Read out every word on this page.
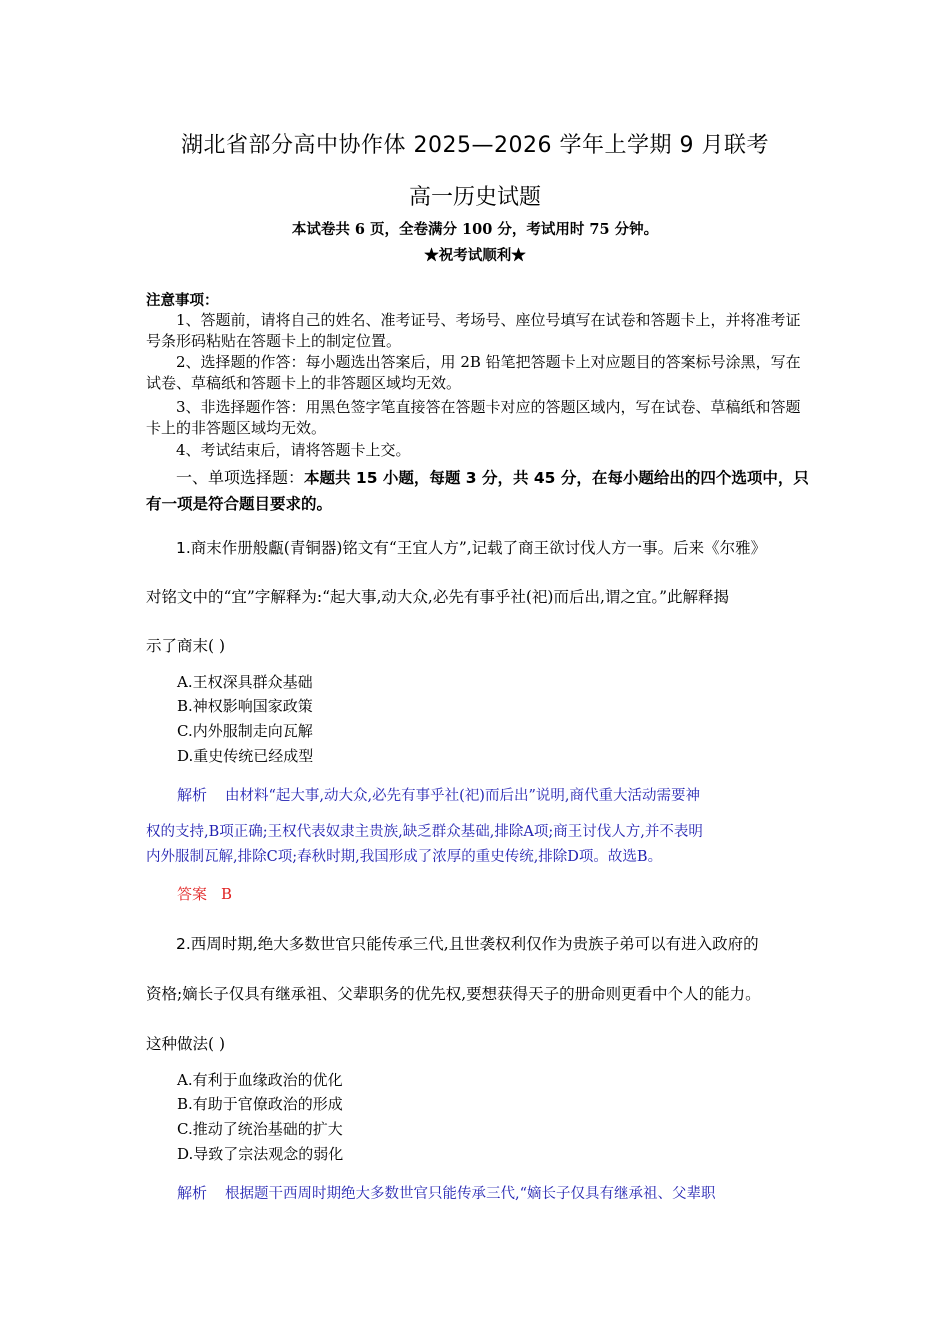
湖北省部分高中协作体 2025—2026 学年上学期 9 月联考
高一历史试题
本试卷共 6 页，全卷满分 100 分，考试用时 75 分钟。
★祝考试顺利★
注意事项：
1、答题前，请将自己的姓名、准考证号、考场号、座位号填写在试卷和答题卡上，并将准考证号条形码粘贴在答题卡上的制定位置。
2、选择题的作答：每小题选出答案后，用 2B 铅笔把答题卡上对应题目的答案标号涂黑，写在试卷、草稿纸和答题卡上的非答题区域均无效。
3、非选择题作答：用黑色签字笔直接答在答题卡对应的答题区域内，写在试卷、草稿纸和答题卡上的非答题区域均无效。
4、考试结束后，请将答题卡上交。
一、单项选择题：本题共 15 小题，每题 3 分，共 45 分，在每小题给出的四个选项中，只有一项是符合题目要求的。
1.商末作册般甗(青铜器)铭文有“王宜人方”,记载了商王欲讨伐人方一事。后来《尔雅》
对铭文中的“宜”字解释为:“起大事,动大众,必先有事乎社(祀)而后出,谓之宜。”此解释揭
示了商末( )
A.王权深具群众基础
B.神权影响国家政策
C.内外服制走向瓦解
D.重史传统已经成型
解析 由材料“起大事,动大众,必先有事乎社(祀)而后出”说明,商代重大活动需要神
权的支持,B项正确;王权代表奴隶主贵族,缺乏群众基础,排除A项;商王讨伐人方,并不表明
内外服制瓦解,排除C项;春秋时期,我国形成了浓厚的重史传统,排除D项。故选B。
答案 B
2.西周时期,绝大多数世官只能传承三代,且世袭权利仅作为贵族子弟可以有进入政府的
资格;嫡长子仅具有继承祖、父辈职务的优先权,要想获得天子的册命则更看中个人的能力。
这种做法( )
A.有利于血缘政治的优化
B.有助于官僚政治的形成
C.推动了统治基础的扩大
D.导致了宗法观念的弱化
解析 根据题干西周时期绝大多数世官只能传承三代,“嫡长子仅具有继承祖、父辈职
